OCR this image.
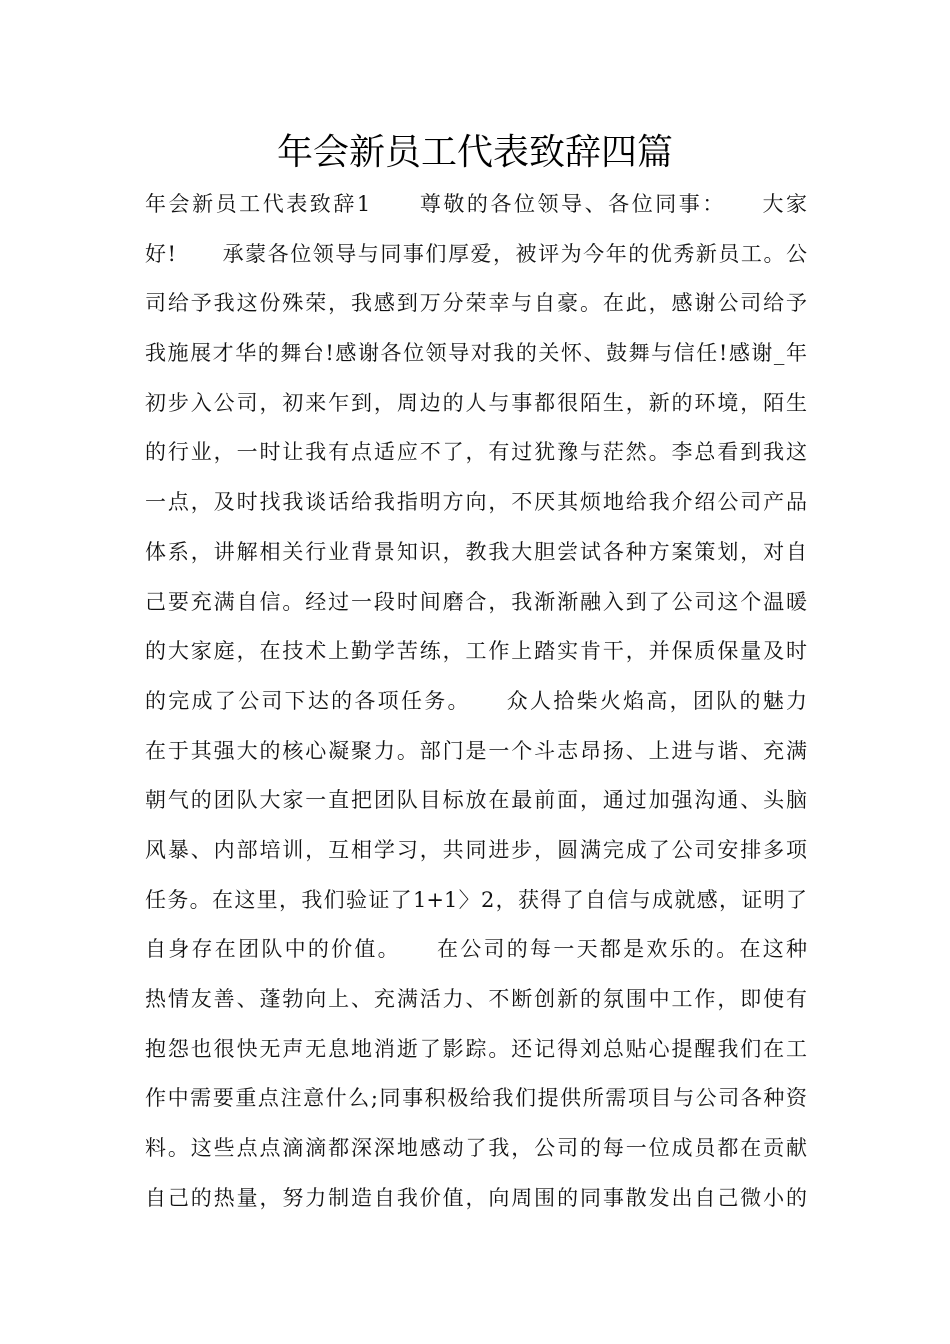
年会新员工代表致辞四篇
年会新员工代表致辞1　　尊敬的各位领导、各位同事：　　大家
好!　　承蒙各位领导与同事们厚爱，被评为今年的优秀新员工。公
司给予我这份殊荣，我感到万分荣幸与自豪。在此，感谢公司给予
我施展才华的舞台!感谢各位领导对我的关怀、鼓舞与信任!感谢_年
初步入公司，初来乍到，周边的人与事都很陌生，新的环境，陌生
的行业，一时让我有点适应不了，有过犹豫与茫然。李总看到我这
一点，及时找我谈话给我指明方向，不厌其烦地给我介绍公司产品
体系，讲解相关行业背景知识，教我大胆尝试各种方案策划，对自
己要充满自信。经过一段时间磨合，我渐渐融入到了公司这个温暖
的大家庭，在技术上勤学苦练，工作上踏实肯干，并保质保量及时
的完成了公司下达的各项任务。　　众人拾柴火焰高，团队的魅力
在于其强大的核心凝聚力。部门是一个斗志昂扬、上进与谐、充满
朝气的团队大家一直把团队目标放在最前面，通过加强沟通、头脑
风暴、内部培训，互相学习，共同进步，圆满完成了公司安排多项
任务。在这里，我们验证了1+1〉2，获得了自信与成就感，证明了
自身存在团队中的价值。　　在公司的每一天都是欢乐的。在这种
热情友善、蓬勃向上、充满活力、不断创新的氛围中工作，即使有
抱怨也很快无声无息地消逝了影踪。还记得刘总贴心提醒我们在工
作中需要重点注意什么;同事积极给我们提供所需项目与公司各种资
料。这些点点滴滴都深深地感动了我，公司的每一位成员都在贡献
自己的热量，努力制造自我价值，向周围的同事散发出自己微小的
